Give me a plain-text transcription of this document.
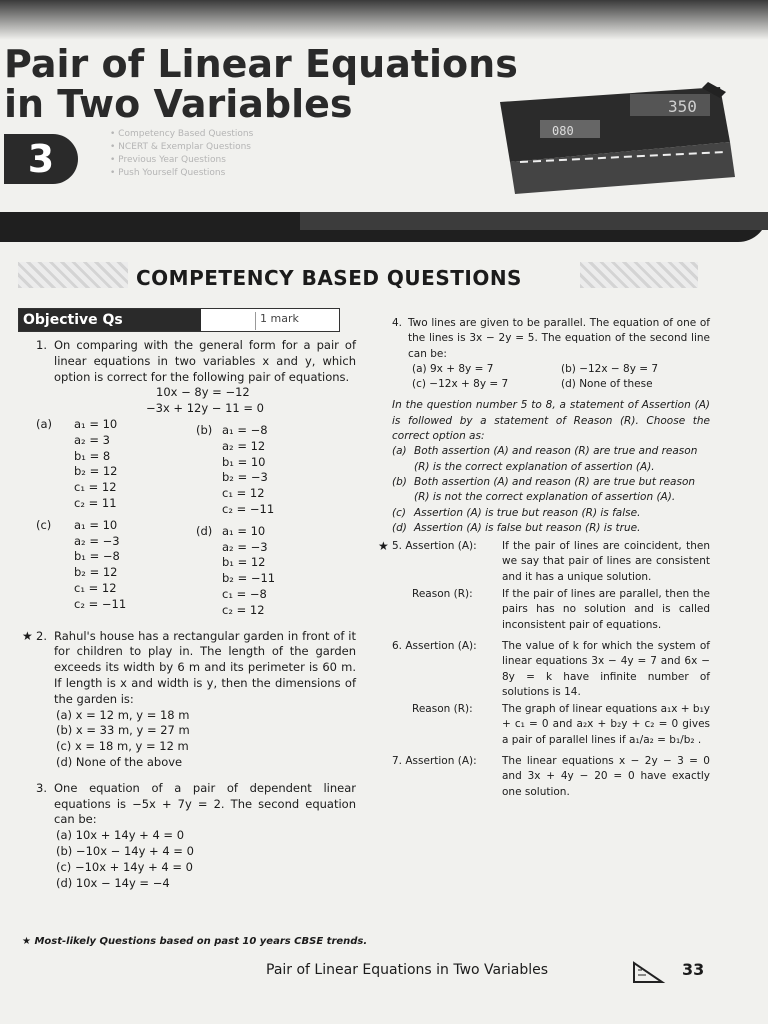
Pair of Linear Equations
in Two Variables
3
• Competency Based Questions
• NCERT & Exemplar Questions
• Previous Year Questions
• Push Yourself Questions
350
080
COMPETENCY BASED QUESTIONS
Objective Qs	1 mark
1. On comparing with the general form for a pair of linear equations in two variables x and y, which option is correct for the following pair of equations.
10x − 8y = −12
−3x + 12y − 11 = 0
(a)	a₁ = 10
a₂ = 3
b₁ = 8
b₂ = 12
c₁ = 12
c₂ = 11
(b) a₁ = −8
a₂ = 12
b₁ = 10
b₂ = −3
c₁ = 12
c₂ = −11
(c)	a₁ = 10
a₂ = −3
b₁ = −8
b₂ = 12
c₁ = 12
c₂ = −11
(d) a₁ = 10
a₂ = −3
b₁ = 12
b₂ = −11
c₁ = −8
c₂ = 12
★ 2. Rahul's house has a rectangular garden in front of it for children to play in. The length of the garden exceeds its width by 6 m and its perimeter is 60 m. If length is x and width is y, then the dimensions of the garden is:
(a) x = 12 m, y = 18 m
(b) x = 33 m, y = 27 m
(c) x = 18 m, y = 12 m
(d) None of the above
3. One equation of a pair of dependent linear equations is −5x + 7y = 2. The second equation can be:
(a) 10x + 14y + 4 = 0
(b) −10x − 14y + 4 = 0
(c) −10x + 14y + 4 = 0
(d) 10x − 14y = −4
★ Most-likely Questions based on past 10 years CBSE trends.
4. Two lines are given to be parallel. The equation of one of the lines is 3x − 2y = 5. The equation of the second line can be:
(a) 9x + 8y = 7	(b) −12x − 8y = 7
(c) −12x + 8y = 7	(d) None of these
In the question number 5 to 8, a statement of Assertion (A) is followed by a statement of Reason (R). Choose the correct option as:
(a) Both assertion (A) and reason (R) are true and reason (R) is the correct explanation of assertion (A).
(b) Both assertion (A) and reason (R) are true but reason (R) is not the correct explanation of assertion (A).
(c) Assertion (A) is true but reason (R) is false.
(d) Assertion (A) is false but reason (R) is true.
★ 5. Assertion (A):	If the pair of lines are coincident, then we say that pair of lines are consistent and it has a unique solution.
Reason (R):	If the pair of lines are parallel, then the pairs has no solution and is called inconsistent pair of equations.
6. Assertion (A):	The value of k for which the system of linear equations 3x − 4y = 7 and 6x − 8y = k have infinite number of solutions is 14.
Reason (R):	The graph of linear equations a₁x + b₁y + c₁ = 0 and a₂x + b₂y + c₂ = 0 gives a pair of parallel lines if a₁/a₂ = b₁/b₂ .
7. Assertion (A):	The linear equations x − 2y − 3 = 0 and 3x + 4y − 20 = 0 have exactly one solution.
Pair of Linear Equations in Two Variables	33
